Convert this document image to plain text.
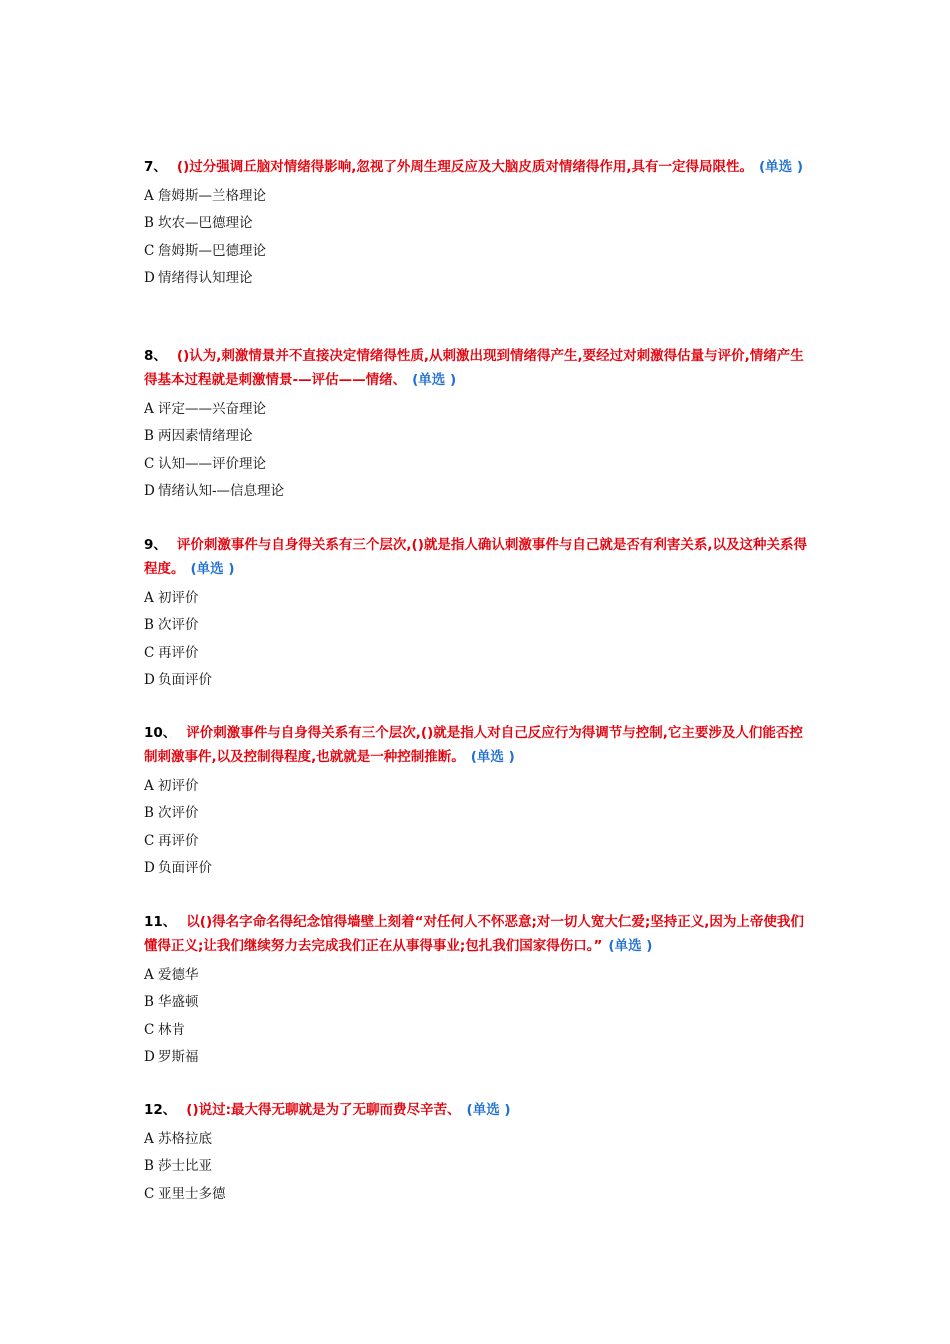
7、 ()过分强调丘脑对情绪得影响,忽视了外周生理反应及大脑皮质对情绪得作用,具有一定得局限性。 (单选 )
A 詹姆斯—兰格理论
B 坎农—巴德理论
C 詹姆斯—巴德理论
D 情绪得认知理论
8、 ()认为,刺激情景并不直接决定情绪得性质,从刺激出现到情绪得产生,要经过对刺激得估量与评价,情绪产生得基本过程就是刺激情景-—评估——情绪、 (单选 )
A 评定——兴奋理论
B 两因素情绪理论
C 认知——评价理论
D 情绪认知-—信息理论
9、 评价刺激事件与自身得关系有三个层次,()就是指人确认刺激事件与自己就是否有利害关系,以及这种关系得程度。 (单选 )
A 初评价
B 次评价
C 再评价
D 负面评价
10、 评价刺激事件与自身得关系有三个层次,()就是指人对自己反应行为得调节与控制,它主要涉及人们能否控制刺激事件,以及控制得程度,也就就是一种控制推断。 (单选 )
A 初评价
B 次评价
C 再评价
D 负面评价
11、 以()得名字命名得纪念馆得墙壁上刻着“对任何人不怀恶意;对一切人宽大仁爱;坚持正义,因为上帝使我们懂得正义;让我们继续努力去完成我们正在从事得事业;包扎我们国家得伤口。” (单选 )
A 爱德华
B 华盛顿
C 林肯
D 罗斯福
12、 ()说过:最大得无聊就是为了无聊而费尽辛苦、 (单选 )
A 苏格拉底
B 莎士比亚
C 亚里士多德
